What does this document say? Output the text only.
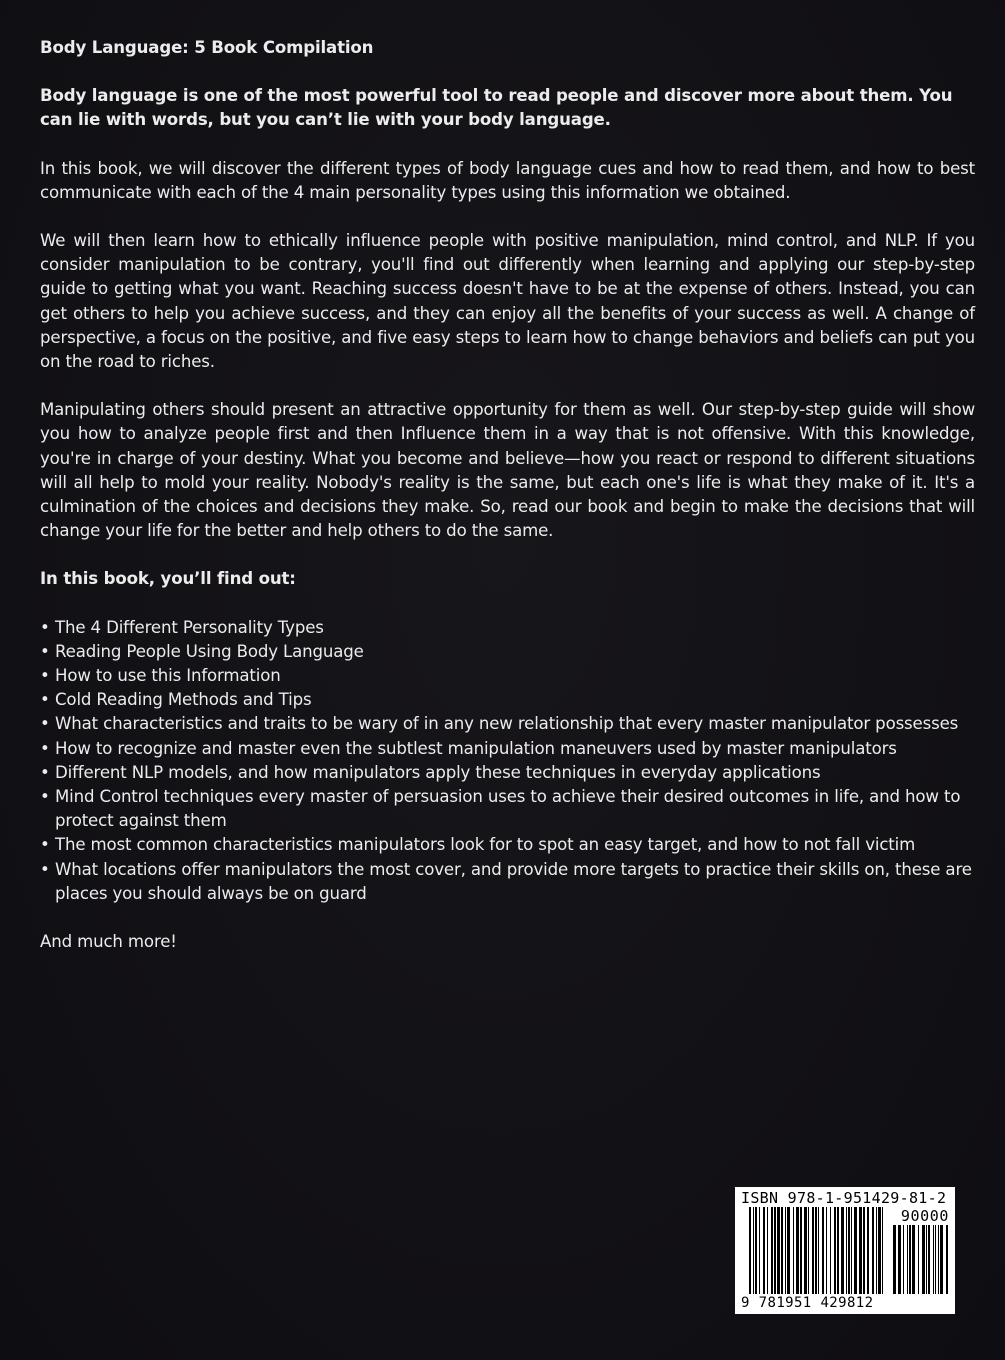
Body Language: 5 Book Compilation

Body language is one of the most powerful tool to read people and discover more about them. You can lie with words, but you can’t lie with your body language.

In this book, we will discover the different types of body language cues and how to read them, and how to best communicate with each of the 4 main personality types using this information we obtained.

We will then learn how to ethically influence people with positive manipulation, mind control, and NLP. If you consider manipulation to be contrary, you'll find out differently when learning and applying our step-by-step guide to getting what you want. Reaching success doesn't have to be at the expense of others. Instead, you can get others to help you achieve success, and they can enjoy all the benefits of your success as well. A change of perspective, a focus on the positive, and five easy steps to learn how to change behaviors and beliefs can put you on the road to riches.

Manipulating others should present an attractive opportunity for them as well. Our step-by-step guide will show you how to analyze people first and then Influence them in a way that is not offensive. With this knowledge, you're in charge of your destiny. What you become and believe—how you react or respond to different situations will all help to mold your reality. Nobody's reality is the same, but each one's life is what they make of it. It's a culmination of the choices and decisions they make. So, read our book and begin to make the decisions that will change your life for the better and help others to do the same.

In this book, you’ll find out:

• The 4 Different Personality Types
• Reading People Using Body Language
• How to use this Information
• Cold Reading Methods and Tips
• What characteristics and traits to be wary of in any new relationship that every master manipulator possesses
• How to recognize and master even the subtlest manipulation maneuvers used by master manipulators
• Different NLP models, and how manipulators apply these techniques in everyday applications
• Mind Control techniques every master of persuasion uses to achieve their desired outcomes in life, and how to protect against them
• The most common characteristics manipulators look for to spot an easy target, and how to not fall victim
• What locations offer manipulators the most cover, and provide more targets to practice their skills on, these are places you should always be on guard

And much more!

ISBN 978-1-951429-81-2
90000
9 781951 429812
